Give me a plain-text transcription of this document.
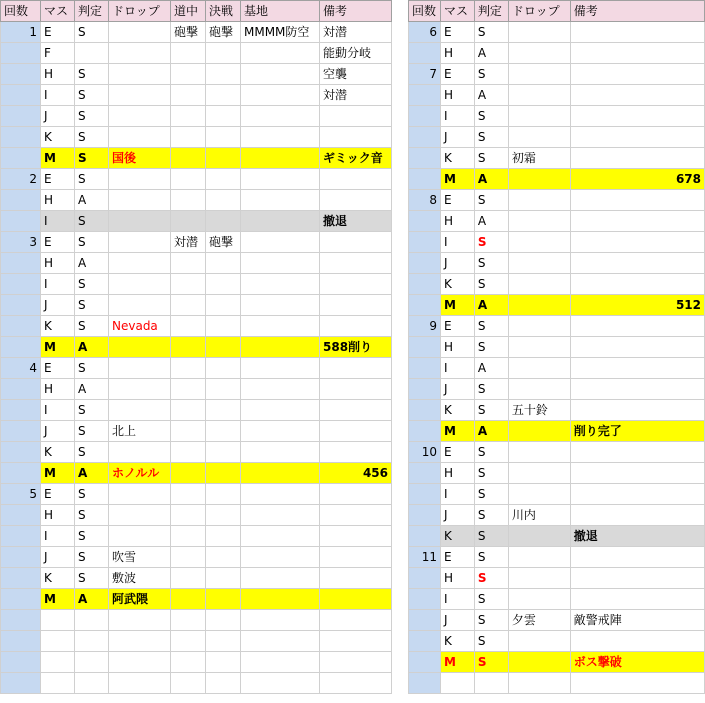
回数	マス	判定	ドロップ	道中	決戦	基地	備考
1	E	S		砲撃	砲撃	MMMM防空	対潜
	F						能動分岐
	H	S					空襲
	I	S					対潜
	J	S					
	K	S					
	M	S	国後				ギミック音
2	E	S					
	H	A					
	I	S					撤退
3	E	S		対潜	砲撃		
	H	A					
	I	S					
	J	S					
	K	S	Nevada				
	M	A					588削り
4	E	S					
	H	A					
	I	S					
	J	S	北上				
	K	S					
	M	A	ホノルル				456
5	E	S					
	H	S					
	I	S					
	J	S	吹雪				
	K	S	敷波				
	M	A	阿武隈				

回数	マス	判定	ドロップ	備考
6	E	S		
	H	A		
7	E	S		
	H	A		
	I	S		
	J	S		
	K	S	初霜	
	M	A		678
8	E	S		
	H	A		
	I	S		
	J	S		
	K	S		
	M	A		512
9	E	S		
	H	S		
	I	A		
	J	S		
	K	S	五十鈴	
	M	A		削り完了
10	E	S		
	H	S		
	I	S		
	J	S	川内	
	K	S		撤退
11	E	S		
	H	S		
	I	S		
	J	S	夕雲	敵警戒陣
	K	S		
	M	S		ボス撃破
